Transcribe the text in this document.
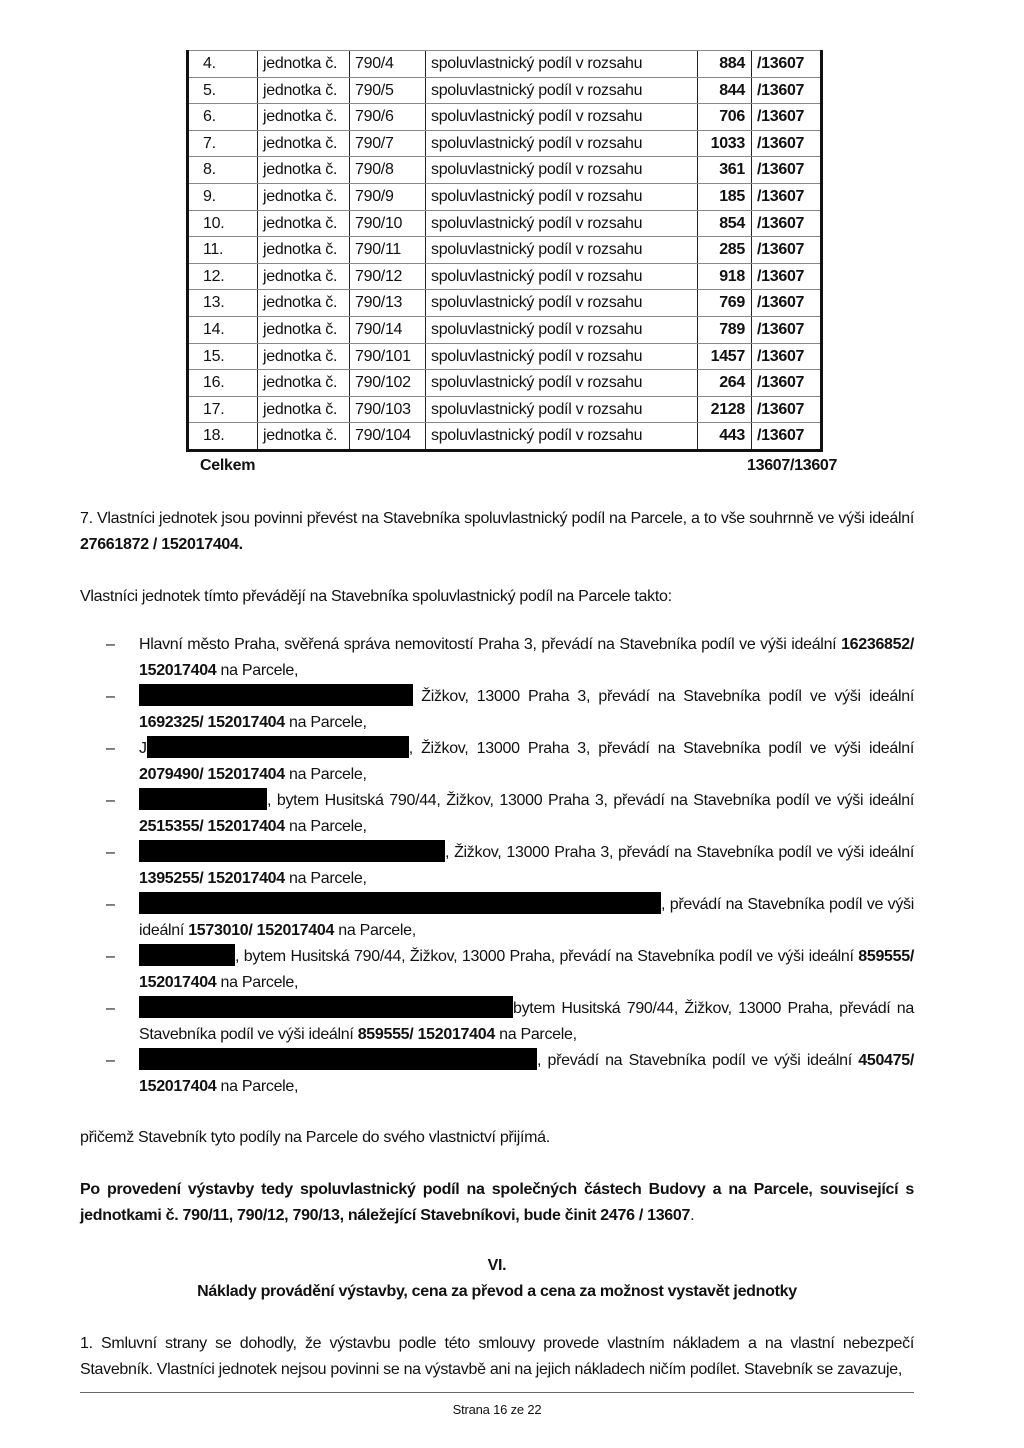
4.	jednotka č.	790/4	spoluvlastnický podíl v rozsahu	884	/13607
5.	jednotka č.	790/5	spoluvlastnický podíl v rozsahu	844	/13607
6.	jednotka č.	790/6	spoluvlastnický podíl v rozsahu	706	/13607
7.	jednotka č.	790/7	spoluvlastnický podíl v rozsahu	1033	/13607
8.	jednotka č.	790/8	spoluvlastnický podíl v rozsahu	361	/13607
9.	jednotka č.	790/9	spoluvlastnický podíl v rozsahu	185	/13607
10.	jednotka č.	790/10	spoluvlastnický podíl v rozsahu	854	/13607
11.	jednotka č.	790/11	spoluvlastnický podíl v rozsahu	285	/13607
12.	jednotka č.	790/12	spoluvlastnický podíl v rozsahu	918	/13607
13.	jednotka č.	790/13	spoluvlastnický podíl v rozsahu	769	/13607
14.	jednotka č.	790/14	spoluvlastnický podíl v rozsahu	789	/13607
15.	jednotka č.	790/101	spoluvlastnický podíl v rozsahu	1457	/13607
16.	jednotka č.	790/102	spoluvlastnický podíl v rozsahu	264	/13607
17.	jednotka č.	790/103	spoluvlastnický podíl v rozsahu	2128	/13607
18.	jednotka č.	790/104	spoluvlastnický podíl v rozsahu	443	/13607
Celkem	13607/13607
7. Vlastníci jednotek jsou povinni převést na Stavebníka spoluvlastnický podíl na Parcele, a to vše souhrnně ve výši ideální 27661872 / 152017404.
Vlastníci jednotek tímto převádějí na Stavebníka spoluvlastnický podíl na Parcele takto:
– Hlavní město Praha, svěřená správa nemovitostí Praha 3, převádí na Stavebníka podíl ve výši ideální 16236852/ 152017404 na Parcele,
–	Žižkov, 13000 Praha 3, převádí na Stavebníka podíl ve výši ideální 1692325/ 152017404 na Parcele,
– J	, Žižkov, 13000 Praha 3, převádí na Stavebníka podíl ve výši ideální 2079490/ 152017404 na Parcele,
–	, bytem Husitská 790/44, Žižkov, 13000 Praha 3, převádí na Stavebníka podíl ve výši ideální 2515355/ 152017404 na Parcele,
–	, Žižkov, 13000 Praha 3, převádí na Stavebníka podíl ve výši ideální 1395255/ 152017404 na Parcele,
–	, převádí na Stavebníka podíl ve výši ideální 1573010/ 152017404 na Parcele,
–	, bytem Husitská 790/44, Žižkov, 13000 Praha, převádí na Stavebníka podíl ve výši ideální 859555/ 152017404 na Parcele,
–	bytem Husitská 790/44, Žižkov, 13000 Praha, převádí na Stavebníka podíl ve výši ideální 859555/ 152017404 na Parcele,
–	, převádí na Stavebníka podíl ve výši ideální 450475/ 152017404 na Parcele,
přičemž Stavebník tyto podíly na Parcele do svého vlastnictví přijímá.
Po provedení výstavby tedy spoluvlastnický podíl na společných částech Budovy a na Parcele, související s jednotkami č. 790/11, 790/12, 790/13, náležející Stavebníkovi, bude činit 2476 / 13607.
VI.
Náklady provádění výstavby, cena za převod a cena za možnost vystavět jednotky
1. Smluvní strany se dohodly, že výstavbu podle této smlouvy provede vlastním nákladem a na vlastní nebezpečí Stavebník. Vlastníci jednotek nejsou povinni se na výstavbě ani na jejich nákladech ničím podílet. Stavebník se zavazuje,
Strana 16 ze 22
